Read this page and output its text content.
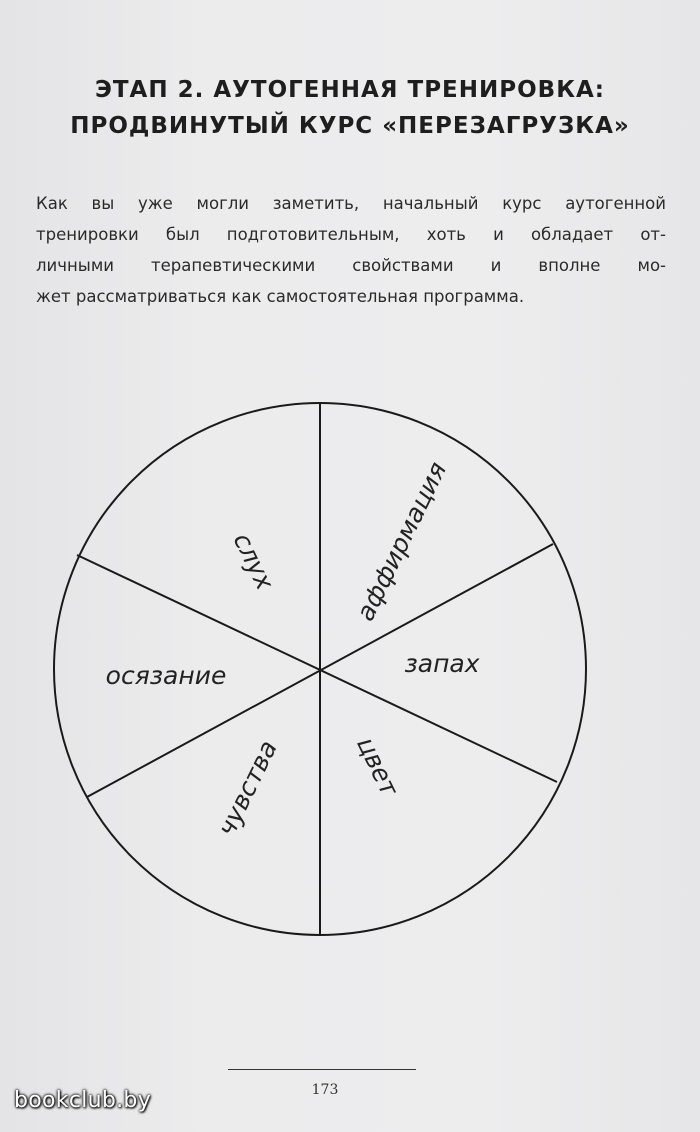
ЭТАП 2. АУТОГЕННАЯ ТРЕНИРОВКА:
ПРОДВИНУТЫЙ КУРС «ПЕРЕЗАГРУЗКА»
Как вы уже могли заметить, начальный курс аутогенной
тренировки был подготовительным, хоть и обладает от-
личными терапевтическими свойствами и вполне мо-
жет рассматриваться как самостоятельная программа.
слух	аффирмация
запах
цвет
чувства
осязание
173
bookclub.by
